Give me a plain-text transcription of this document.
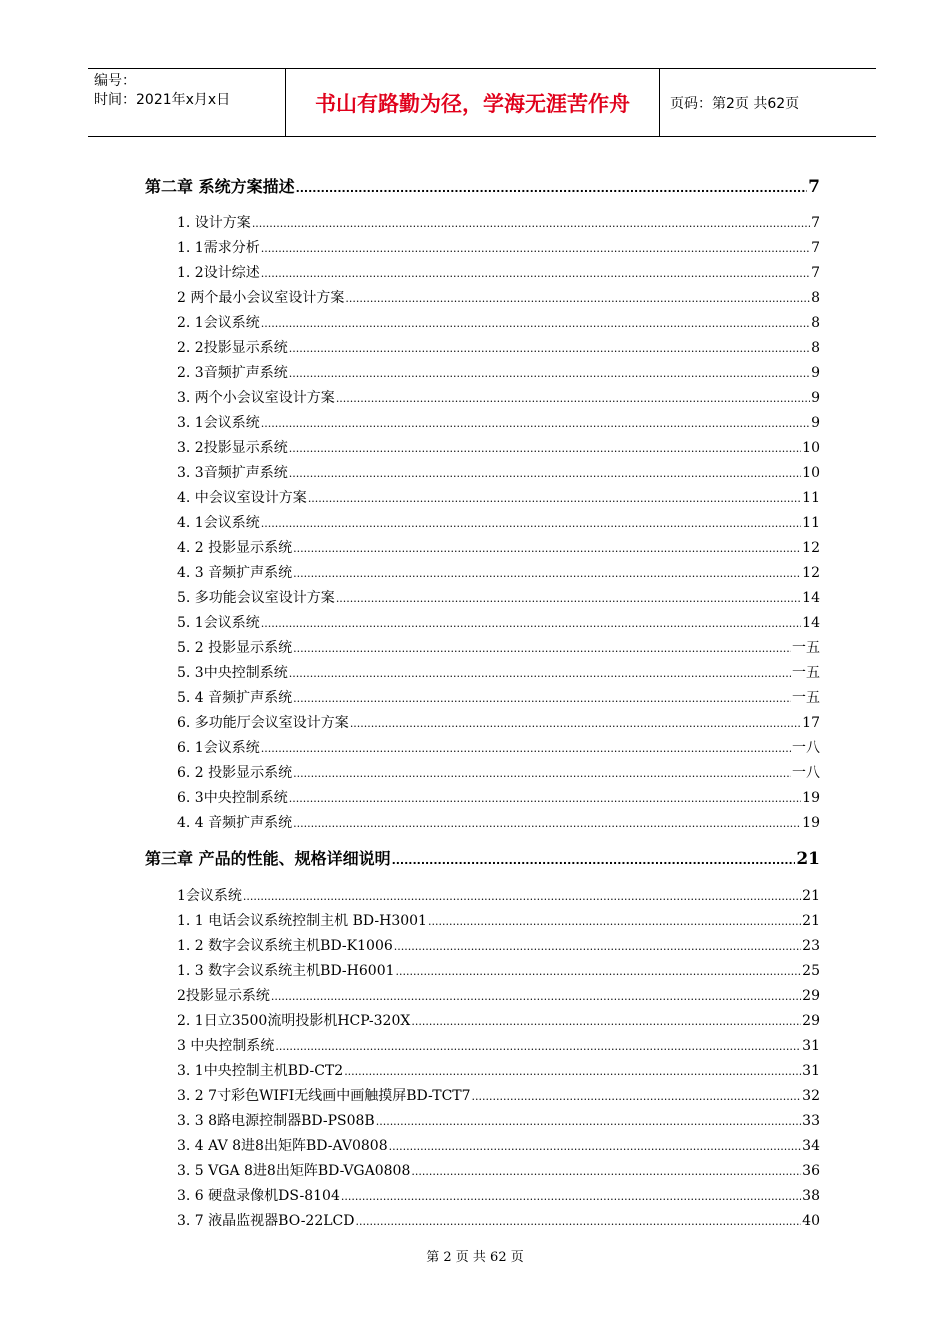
编号：
时间：2021年x月x日	书山有路勤为径，学海无涯苦作舟	页码：第2页 共62页
第二章 系统方案描述 .....	7
1. 设计方案 .....	7
1. 1需求分析 .....	7
1. 2设计综述 .....	7
2 两个最小会议室设计方案 .....	8
2. 1会议系统 .....	8
2. 2投影显示系统 .....	8
2. 3音频扩声系统 .....	9
3. 两个小会议室设计方案 .....	9
3. 1会议系统 .....	9
3. 2投影显示系统 .....	10
3. 3音频扩声系统 .....	10
4. 中会议室设计方案 .....	11
4. 1会议系统 .....	11
4. 2 投影显示系统 .....	12
4. 3 音频扩声系统 .....	12
5. 多功能会议室设计方案 .....	14
5. 1会议系统 .....	14
5. 2 投影显示系统 .....	一五
5. 3中央控制系统 .....	一五
5. 4 音频扩声系统 .....	一五
6. 多功能厅会议室设计方案 .....	17
6. 1会议系统 .....	一八
6. 2 投影显示系统 .....	一八
6. 3中央控制系统 .....	19
4. 4 音频扩声系统 .....	19
第三章 产品的性能、规格详细说明 .....	21
1会议系统 .....	21
1. 1 电话会议系统控制主机 BD-H3001 .....	21
1. 2 数字会议系统主机BD-K1006 .....	23
1. 3 数字会议系统主机BD-H6001 .....	25
2投影显示系统 .....	29
2. 1日立3500流明投影机HCP-320X .....	29
3 中央控制系统 .....	31
3. 1中央控制主机BD-CT2 .....	31
3. 2 7寸彩色WIFI无线画中画触摸屏BD-TCT7 .....	32
3. 3 8路电源控制器BD-PS08B .....	33
3. 4 AV 8进8出矩阵BD-AV0808 .....	34
3. 5 VGA 8进8出矩阵BD-VGA0808 .....	36
3. 6 硬盘录像机DS-8104 .....	38
3. 7 液晶监视器BO-22LCD .....	40
第 2 页 共 62 页
